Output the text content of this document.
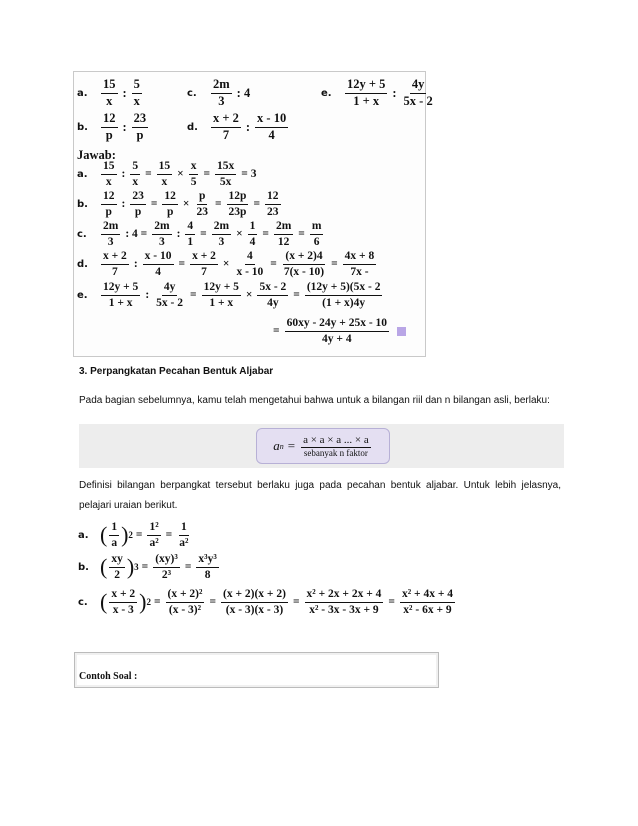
a. $\frac{15}{x}$ : $\frac{5}{x}$	c. $\frac{2m}{3}$ : 4	e. $\frac{12y + 5}{1 + x}$ : $\frac{4y}{5x - 2}$
b. $\frac{12}{p}$ : $\frac{23}{p}$	d. $\frac{x + 2}{7}$ : $\frac{x - 10}{4}$
Jawab:
a. $\frac{15}{x}$ : $\frac{5}{x} = \frac{15}{x} \times \frac{x}{5} = \frac{15x}{5x} = 3$
b. $\frac{12}{p}$ : $\frac{23}{p} = \frac{12}{p} \times \frac{p}{23} = \frac{12p}{23p} = \frac{12}{23}$
c. $\frac{2m}{3}$ : $4 = \frac{2m}{3}$ : $\frac{4}{1} = \frac{2m}{3} \times \frac{1}{4} = \frac{2m}{12} = \frac{m}{6}$
d. $\frac{x + 2}{7}$ : $\frac{x - 10}{4} = \frac{x + 2}{7} \times \frac{4}{x - 10} = \frac{(x + 2)4}{7(x - 10)} = \frac{4x + 8}{7x -}$
e. $\frac{12y + 5}{1 + x}$ : $\frac{4y}{5x - 2} = \frac{12y + 5}{1 + x} \times \frac{5x - 2}{4y} = \frac{(12y + 5)(5x - 2}{(1 + x)4y}$
= $\frac{60xy - 24y + 25x - 10}{4y + 4}$
3. Perpangkatan Pecahan Bentuk Aljabar
Pada bagian sebelumnya, kamu telah mengetahui bahwa untuk a bilangan riil dan n bilangan asli, berlaku:
a $n = \frac{a \times a \times a ... \times a}{\text{sebanyak n faktor}}$
Definisi bilangan berpangkat tersebut berlaku juga pada pecahan bentuk aljabar. Untuk lebih jelasnya, pelajari uraian berikut.
a. ( $\frac{1}{a}$ ) $2 = \frac{\text{1²}}{\text{a²}} = \frac{1}{\text{a²}}$
b. ( $\frac{xy}{2}$ ) $3 = \frac{\text{(xy)³}}{\text{2³}} = \frac{\text{x³y³}}{8}$
c. ( $\frac{x + 2}{x - 3}$ ) $2 = \frac{\text{(x + 2)²}}{\text{(x - 3)²}} = \frac{(x + 2)(x + 2)}{(x - 3)(x - 3)} = \frac{\text{x² + 2x + 2x + 4}}{\text{x² - 3x - 3x + 9}} = \frac{\text{x² + 4x + 4}}{\text{x² - 6x + 9}}$
Contoh Soal :
